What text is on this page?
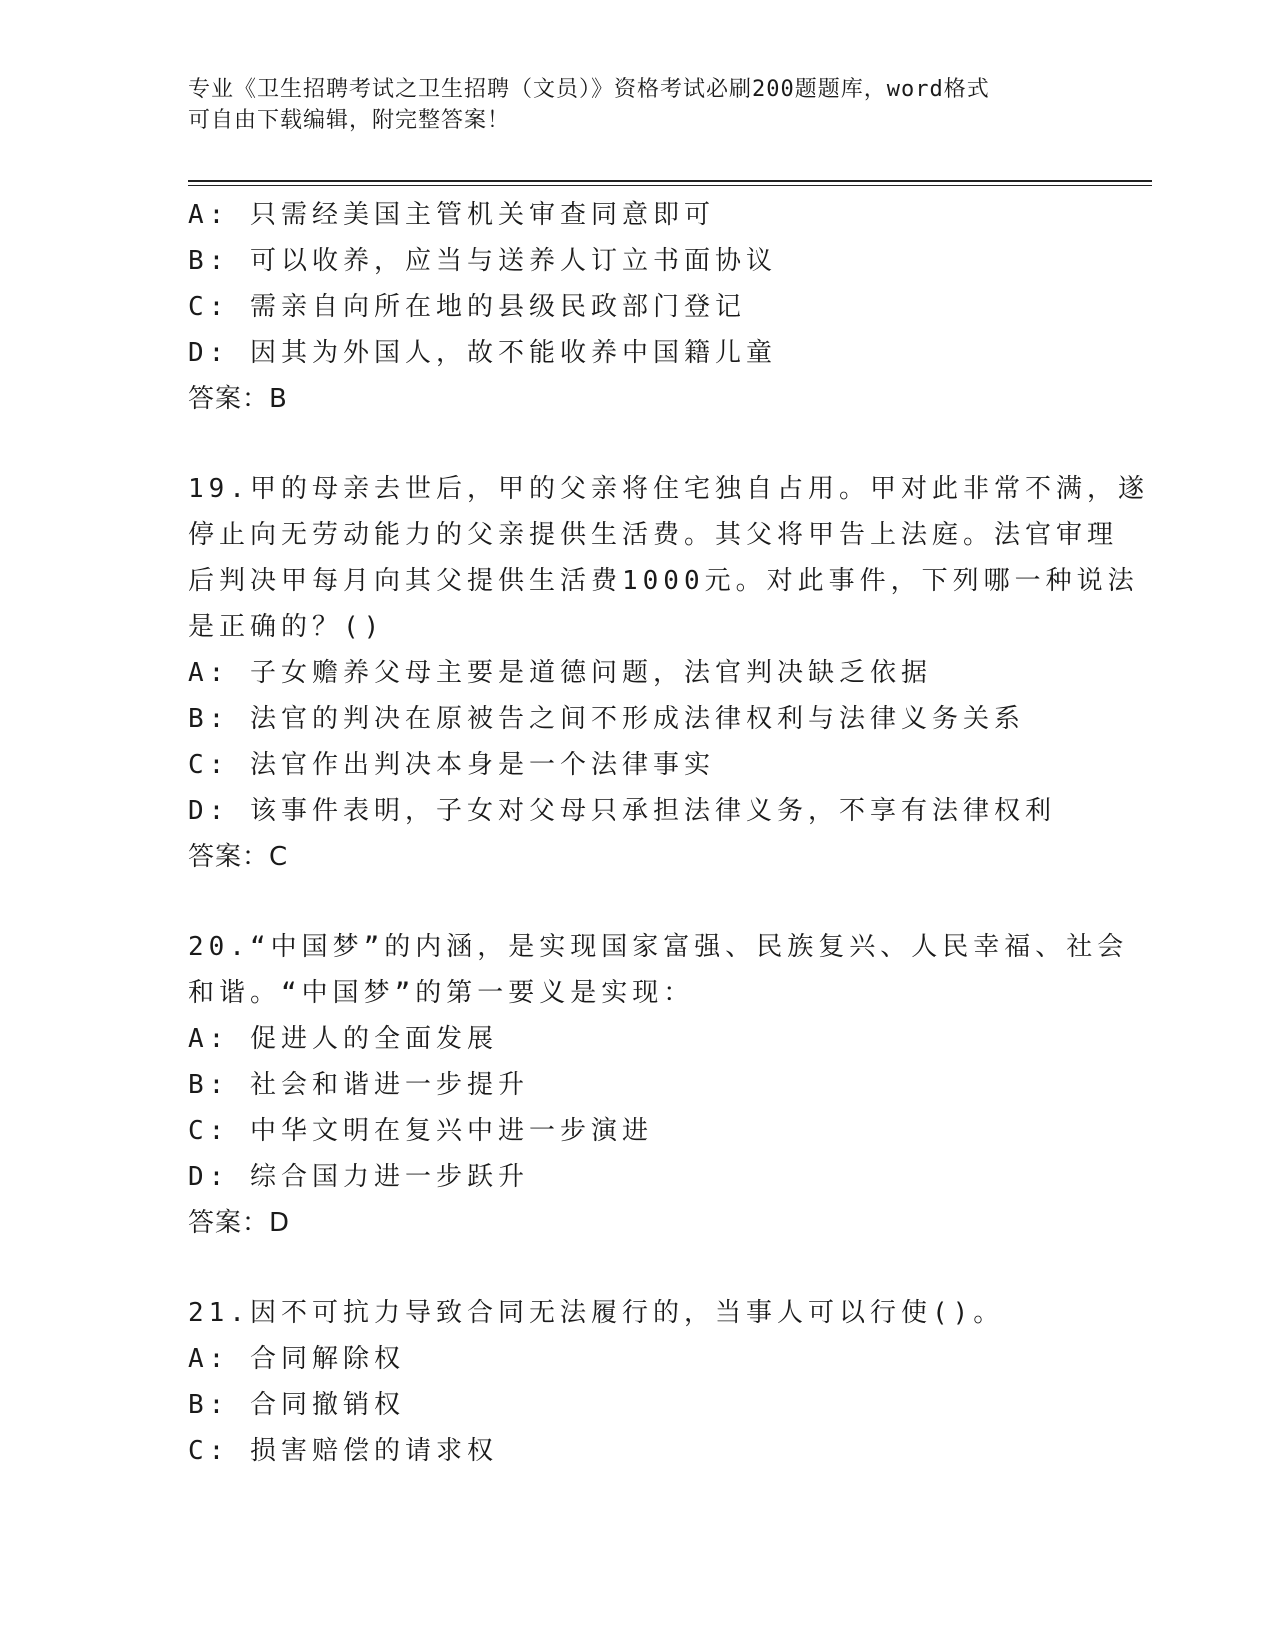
专业《卫生招聘考试之卫生招聘（文员）》资格考试必刷200题题库，word格式
可自由下载编辑，附完整答案！
A: 只需经美国主管机关审查同意即可
B: 可以收养，应当与送养人订立书面协议
C: 需亲自向所在地的县级民政部门登记
D: 因其为外国人，故不能收养中国籍儿童
答案：B
19.甲的母亲去世后，甲的父亲将住宅独自占用。甲对此非常不满，遂
停止向无劳动能力的父亲提供生活费。其父将甲告上法庭。法官审理
后判决甲每月向其父提供生活费1000元。对此事件，下列哪一种说法
是正确的？()
A: 子女赡养父母主要是道德问题，法官判决缺乏依据
B: 法官的判决在原被告之间不形成法律权利与法律义务关系
C: 法官作出判决本身是一个法律事实
D: 该事件表明，子女对父母只承担法律义务，不享有法律权利
答案：C
20.“中国梦”的内涵，是实现国家富强、民族复兴、人民幸福、社会
和谐。“中国梦”的第一要义是实现：
A: 促进人的全面发展
B: 社会和谐进一步提升
C: 中华文明在复兴中进一步演进
D: 综合国力进一步跃升
答案：D
21.因不可抗力导致合同无法履行的，当事人可以行使()。
A: 合同解除权
B: 合同撤销权
C: 损害赔偿的请求权
